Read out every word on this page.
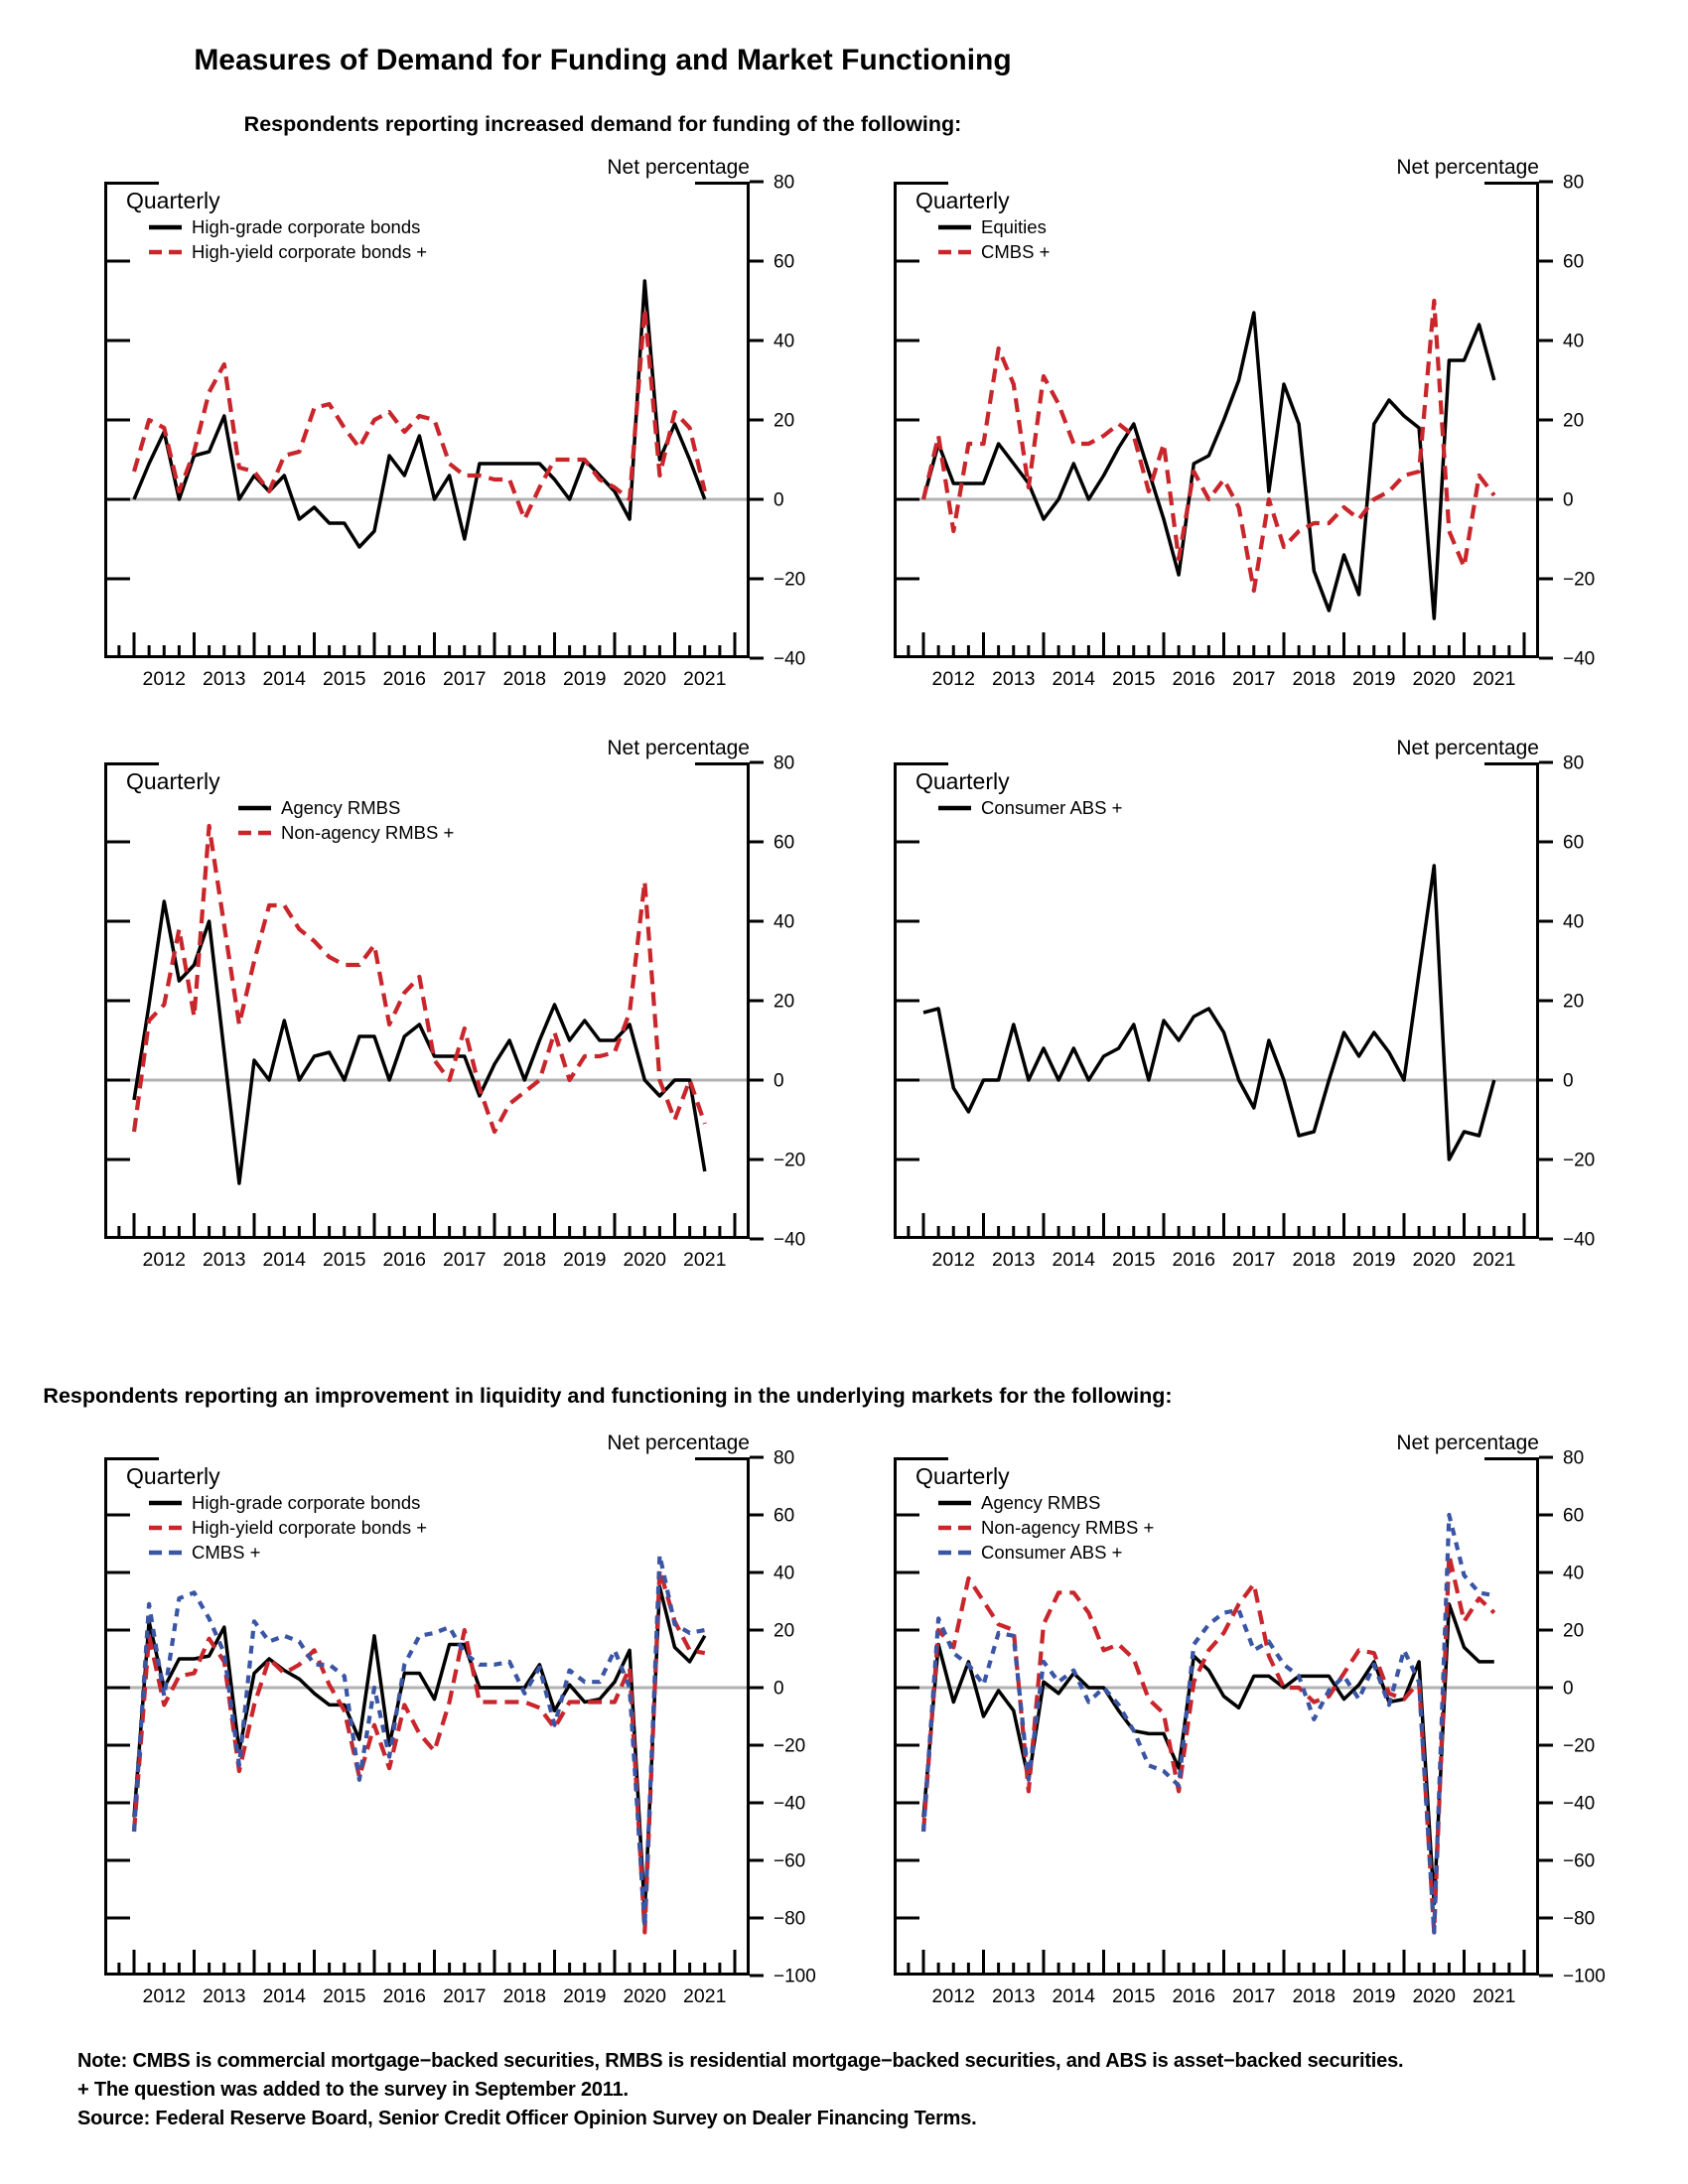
Measures of Demand for Funding and Market Functioning
Respondents reporting increased demand for funding of the following:
80
60
40
20
0
−20
−40
2012 2013 2014 2015 2016 2017 2018 2019 2020 2021
Net percentage
Quarterly
High-grade corporate bonds
High-yield corporate bonds +
80
60
40
20
0
−20
−40
2012 2013 2014 2015 2016 2017 2018 2019 2020 2021
Net percentage
Quarterly
Equities
CMBS +
80
60
40
20
0
−20
−40
2012 2013 2014 2015 2016 2017 2018 2019 2020 2021
Net percentage
Quarterly
Agency RMBS
Non-agency RMBS +
80
60
40
20
0
−20
−40
2012 2013 2014 2015 2016 2017 2018 2019 2020 2021
Net percentage
Quarterly
Consumer ABS +
Respondents reporting an improvement in liquidity and functioning in the underlying markets for the following:
80
60
40
20
0
−20
−40
−60
−80
−100
2012 2013 2014 2015 2016 2017 2018 2019 2020 2021
Net percentage
Quarterly
High-grade corporate bonds
High-yield corporate bonds +
CMBS +
80
60
40
20
0
−20
−40
−60
−80
−100
2012 2013 2014 2015 2016 2017 2018 2019 2020 2021
Net percentage
Quarterly
Agency RMBS
Non-agency RMBS +
Consumer ABS +
Note: CMBS is commercial mortgage−backed securities, RMBS is residential mortgage−backed securities, and ABS is asset−backed securities.
+ The question was added to the survey in September 2011.
Source: Federal Reserve Board, Senior Credit Officer Opinion Survey on Dealer Financing Terms.
